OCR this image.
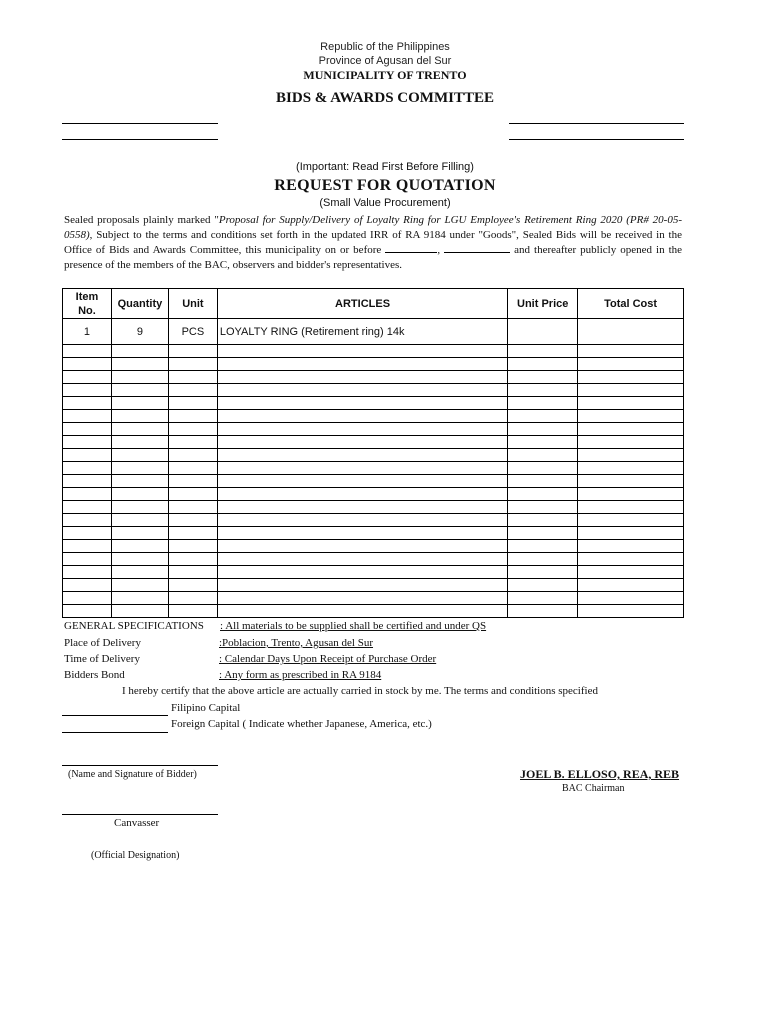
Republic of the Philippines
Province of Agusan del Sur
MUNICIPALITY OF TRENTO
BIDS & AWARDS COMMITTEE
(Important: Read First Before Filling)
REQUEST FOR QUOTATION
(Small Value Procurement)
Sealed proposals plainly marked "Proposal for Supply/Delivery of Loyalty Ring for LGU Employee's Retirement Ring 2020 (PR# 20-05-0558), Subject to the terms and conditions set forth in the updated IRR of RA 9184 under "Goods", Sealed Bids will be received in the Office of Bids and Awards Committee, this municipality on or before	,	and thereafter publicly opened in the presence of the members of the BAC, observers and bidder's representatives.
Item No.	Quantity	Unit	ARTICLES	Unit Price	Total Cost
1	9	PCS	LOYALTY RING (Retirement ring) 14k		

GENERAL SPECIFICATIONS : All materials to be supplied shall be certified and under QS
Place of Delivery	:Poblacion, Trento, Agusan del Sur
Time of Delivery	: Calendar Days Upon Receipt of Purchase Order
Bidders Bond	: Any form as prescribed in RA 9184
I hereby certify that the above article are actually carried in stock by me. The terms and conditions specified
Filipino Capital
Foreign Capital ( Indicate whether Japanese, America, etc.)
(Name and Signature of Bidder)	JOEL B. ELLOSO, REA, REB
BAC Chairman
Canvasser
(Official Designation)
